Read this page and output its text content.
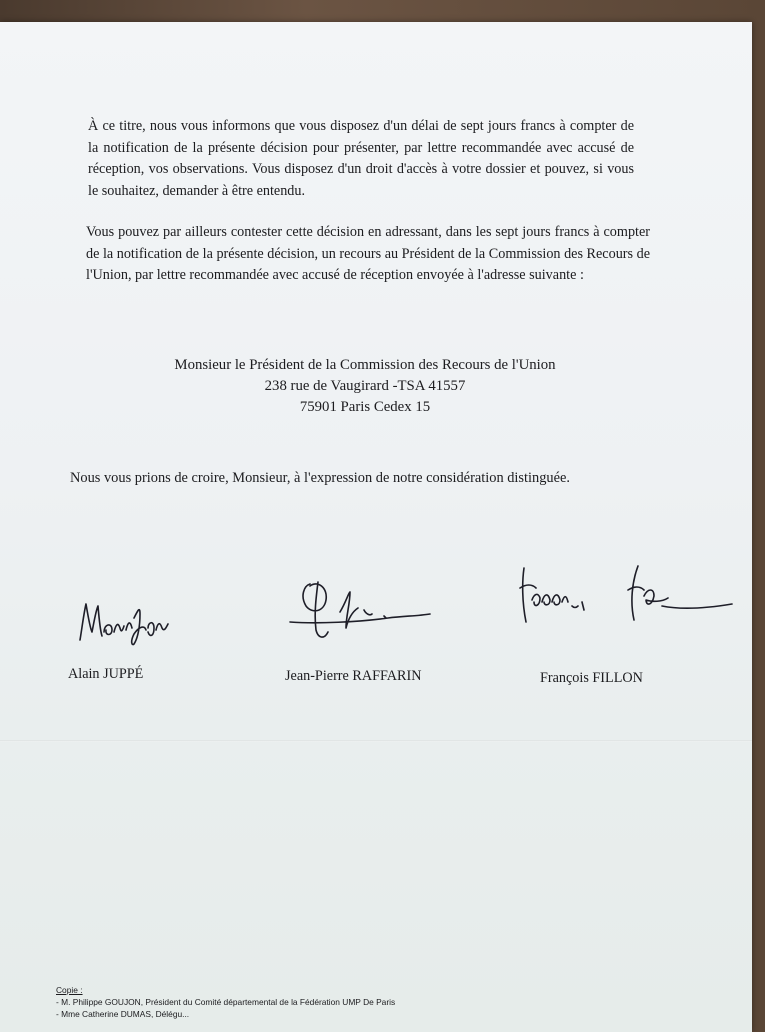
À ce titre, nous vous informons que vous disposez d'un délai de sept jours francs à compter de la notification de la présente décision pour présenter, par lettre recommandée avec accusé de réception, vos observations. Vous disposez d'un droit d'accès à votre dossier et pouvez, si vous le souhaitez, demander à être entendu.

Vous pouvez par ailleurs contester cette décision en adressant, dans les sept jours francs à compter de la notification de la présente décision, un recours au Président de la Commission des Recours de l'Union, par lettre recommandée avec accusé de réception envoyée à l'adresse suivante :

Monsieur le Président de la Commission des Recours de l'Union
238 rue de Vaugirard -TSA 41557
75901 Paris Cedex 15
Nous vous prions de croire, Monsieur, à l'expression de notre considération distinguée.
Alain JUPPÉ	Jean-Pierre RAFFARIN	François FILLON
Copie :
- M. Philippe GOUJON, Président du Comité départemental de la Fédération UMP De Paris
- Mme Catherine DUMAS, Délégu...
